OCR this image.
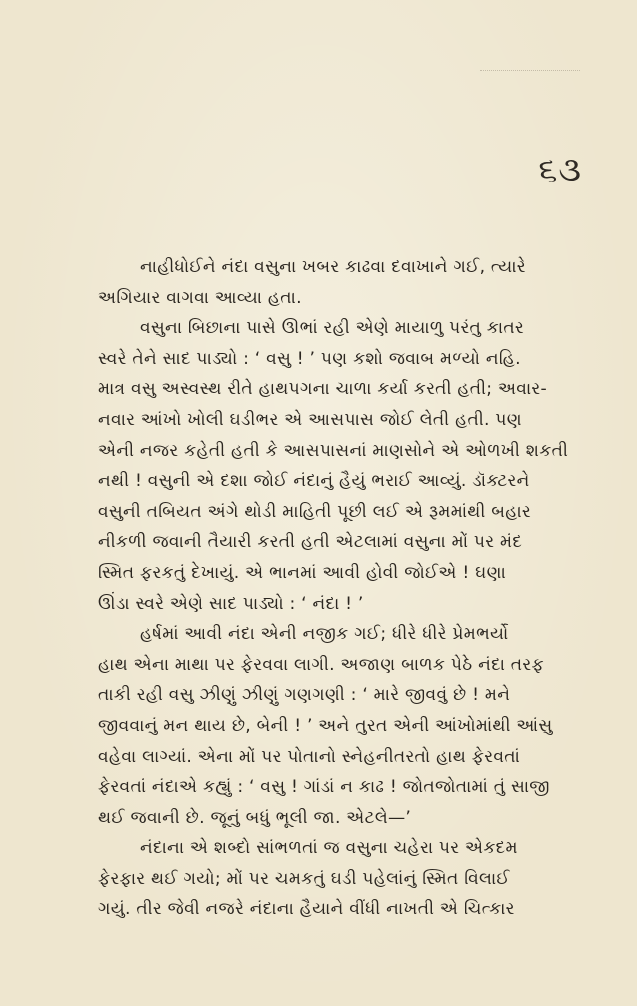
૬૩
નાહીધોઈને નંદા વસુના ખબર કાઢવા દવાખાને ગઈ, ત્યારે
અગિયાર વાગવા આવ્યા હતા.
વસુના બિછાના પાસે ઊભાં રહી એણે માયાળુ પરંતુ કાતર
સ્વરે તેને સાદ પાડ્યો : ‘ વસુ ! ’ પણ કશો જવાબ મળ્યો નહિ.
માત્ર વસુ અસ્વસ્થ રીતે હાથપગના ચાળા કર્યા કરતી હતી; અવાર-
નવાર આંખો ખોલી ઘડીભર એ આસપાસ જોઈ લેતી હતી. પણ
એની નજર કહેતી હતી કે આસપાસનાં માણસોને એ ઓળખી શકતી
નથી ! વસુની એ દશા જોઈ નંદાનું હૈયું ભરાઈ આવ્યું. ડૉક્ટરને
વસુની તબિયત અંગે થોડી માહિતી પૂછી લઈ એ રૂમમાંથી બહાર
નીકળી જવાની તૈયારી કરતી હતી એટલામાં વસુના મોં પર મંદ
સ્મિત ફરકતું દેખાયું. એ ભાનમાં આવી હોવી જોઈએ ! ઘણા
ઊંડા સ્વરે એણે સાદ પાડ્યો : ‘ નંદા ! ’
હર્ષમાં આવી નંદા એની નજીક ગઈ; ધીરે ધીરે પ્રેમભર્યો
હાથ એના માથા પર ફેરવવા લાગી. અજાણ બાળક પેઠે નંદા તરફ
તાકી રહી વસુ ઝીણું ઝીણું ગણગણી : ‘ મારે જીવવું છે ! મને
જીવવાનું મન થાય છે, બેની ! ’ અને તુરત એની આંખોમાંથી આંસુ
વહેવા લાગ્યાં. એના મોં પર પોતાનો સ્નેહનીતરતો હાથ ફેરવતાં
ફેરવતાં નંદાએ કહ્યું : ‘ વસુ ! ગાંડાં ન કાઢ ! જોતજોતામાં તું સાજી
થઈ જવાની છે. જૂનું બધું ભૂલી જા. એટલે—’
નંદાના એ શબ્દો સાંભળતાં જ વસુના ચહેરા પર એકદમ
ફેરફાર થઈ ગયો; મોં પર ચમકતું ઘડી પહેલાંનું સ્મિત વિલાઈ
ગયું. તીર જેવી નજરે નંદાના હૈયાને વીંધી નાખતી એ ચિત્કાર
